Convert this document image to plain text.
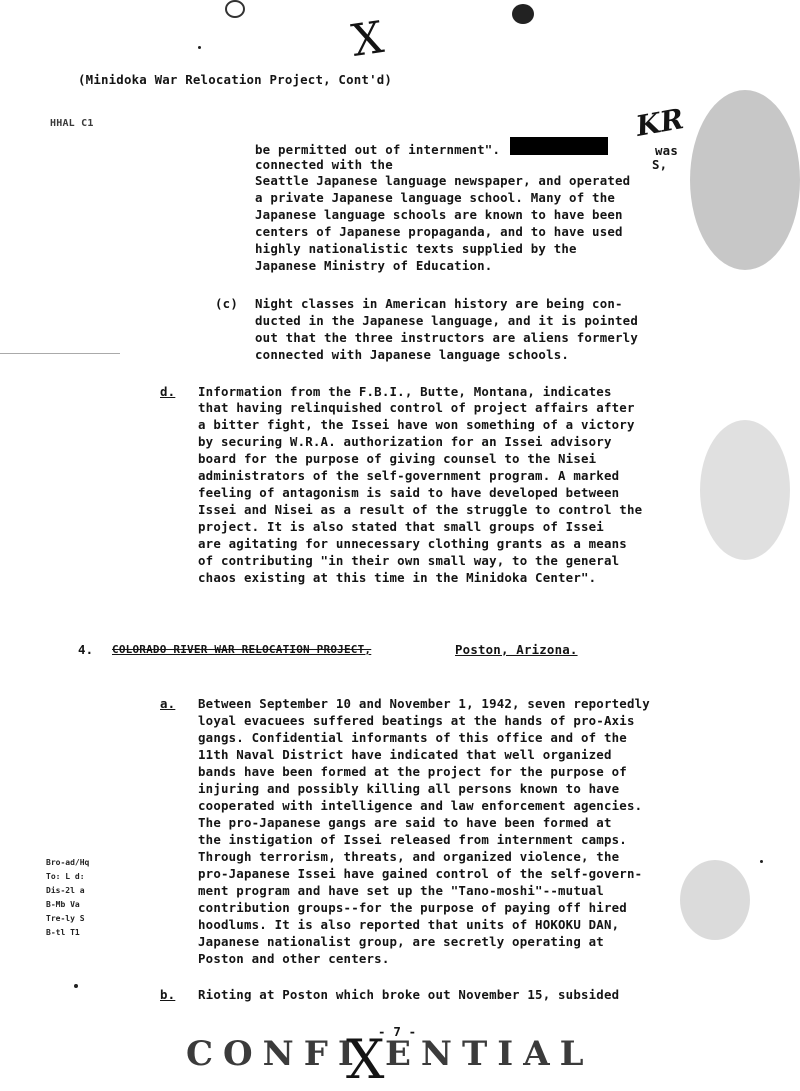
X
(Minidoka War Relocation Project, Cont'd)
HHAL C1	KR
be permitted out of internment".	was
connected with the	S,
Seattle Japanese language newspaper, and operated
a private Japanese language school. Many of the
Japanese language schools are known to have been
centers of Japanese propaganda, and to have used
highly nationalistic texts supplied by the
Japanese Ministry of Education.
(c) Night classes in American history are being con-
ducted in the Japanese language, and it is pointed
out that the three instructors are aliens formerly
connected with Japanese language schools.
d. Information from the F.B.I., Butte, Montana, indicates
that having relinquished control of project affairs after
a bitter fight, the Issei have won something of a victory
by securing W.R.A. authorization for an Issei advisory
board for the purpose of giving counsel to the Nisei
administrators of the self-government program. A marked
feeling of antagonism is said to have developed between
Issei and Nisei as a result of the struggle to control the
project. It is also stated that small groups of Issei
are agitating for unnecessary clothing grants as a means
of contributing "in their own small way, to the general
chaos existing at this time in the Minidoka Center".
4. COLORADO RIVER WAR RELOCATION PROJECT,	Poston, Arizona.
a. Between September 10 and November 1, 1942, seven reportedly
loyal evacuees suffered beatings at the hands of pro-Axis
gangs. Confidential informants of this office and of the
11th Naval District have indicated that well organized
bands have been formed at the project for the purpose of
injuring and possibly killing all persons known to have
cooperated with intelligence and law enforcement agencies.
The pro-Japanese gangs are said to have been formed at
the instigation of Issei released from internment camps.
Through terrorism, threats, and organized violence, the
pro-Japanese Issei have gained control of the self-govern-
ment program and have set up the "Tano-moshi"--mutual
contribution groups--for the purpose of paying off hired
hoodlums. It is also reported that units of HOKOKU DAN,
Japanese nationalist group, are secretly operating at
Poston and other centers.
Bro-ad/Hq
To: L d:
Dis-2l a
B-Mb Va
Tre-ly S
B-tl T1
b. Rioting at Poston which broke out November 15, subsided
- 7 -
CONFI
X ENTIAL
